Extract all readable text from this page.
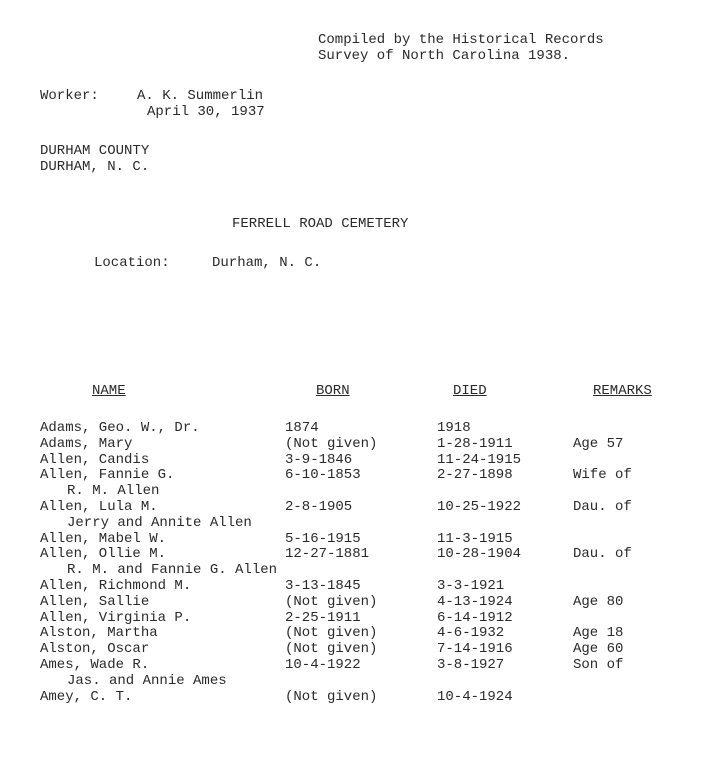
Compiled by the Historical Records
Survey of North Carolina 1938.
Worker:	A. K. Summerlin
April 30, 1937
DURHAM COUNTY
DURHAM, N. C.
FERRELL ROAD CEMETERY
Location:	Durham, N. C.
NAME	BORN	DIED	REMARKS
Adams, Geo. W., Dr.	1874	1918
Adams, Mary	(Not given)	1-28-1911	Age 57
Allen, Candis	3-9-1846	11-24-1915
Allen, Fannie G.	6-10-1853	2-27-1898	Wife of
R. M. Allen
Allen, Lula M.	2-8-1905	10-25-1922	Dau. of
Jerry and Annite Allen
Allen, Mabel W.	5-16-1915	11-3-1915
Allen, Ollie M.	12-27-1881	10-28-1904	Dau. of
R. M. and Fannie G. Allen
Allen, Richmond M.	3-13-1845	3-3-1921
Allen, Sallie	(Not given)	4-13-1924	Age 80
Allen, Virginia P.	2-25-1911	6-14-1912
Alston, Martha	(Not given)	4-6-1932	Age 18
Alston, Oscar	(Not given)	7-14-1916	Age 60
Ames, Wade R.	10-4-1922	3-8-1927	Son of
Jas. and Annie Ames
Amey, C. T.	(Not given)	10-4-1924
